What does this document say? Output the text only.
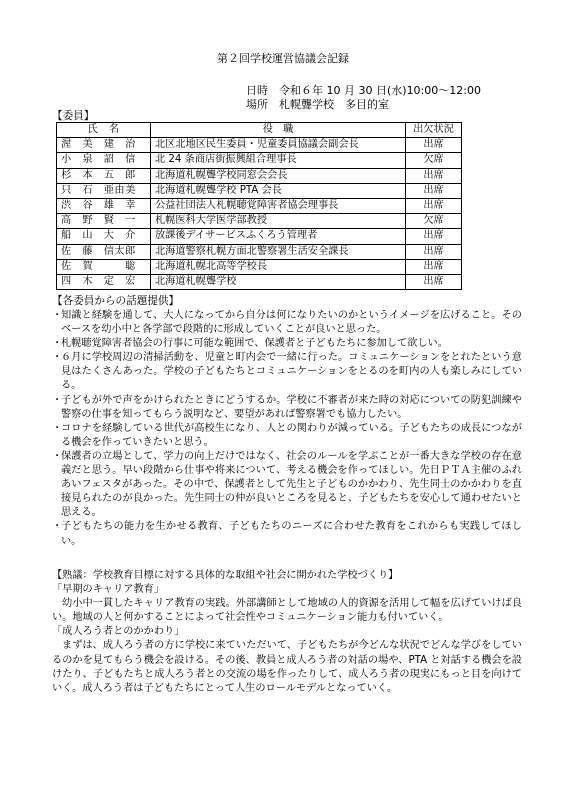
第２回学校運営協議会記録
日時　令和６年 10 月 30 日(水)10:00〜12:00
場所　札幌聾学校　多目的室
【委員】
氏　名	役　職	出欠状況
渥　美　建　治	北区北地区民生委員・児童委員協議会副会長	出席
小　泉　詔　信	北 24 条商店街振興組合理事長	欠席
杉　本　五　郎	北海道札幌聾学校同窓会会長	出席
只　石　亜由美	北海道札幌聾学校 PTA 会長	出席
渋　谷　雄　幸	公益社団法人札幌聴覚障害者協会理事長	出席
高　野　賢　一	札幌医科大学医学部教授	欠席
船　山　大　介	放課後デイサービスふくろう管理者	出席
佐　藤　信太郎	北海道警察札幌方面北警察署生活安全課長	出席
佐　賀　　　聡	北海道札幌北高等学校長	出席
四　木　定　宏	北海道札幌聾学校	出席
【各委員からの話題提供】
・
知識と経験を通して、大人になってから自分は何になりたいのかというイメージを広げること。そのベースを幼小中と各学部で段階的に形成していくことが良いと思った。
・
札幌聴覚障害者協会の行事に可能な範囲で、保護者と子どもたちに参加して欲しい。
・
６月に学校周辺の清掃活動を、児童と町内会で一緒に行った。コミュニケーションをとれたという意見はたくさんあった。学校の子どもたちとコミュニケーションをとるのを町内の人も楽しみにしている。
・
子どもが外で声をかけられたときにどうするか。学校に不審者が来た時の対応についての防犯訓練や警察の仕事を知ってもらう説明など、要望があれば警察署でも協力したい。
・
コロナを経験している世代が高校生になり、人との関わりが減っている。子どもたちの成長につながる機会を作っていきたいと思う。
・
保護者の立場として、学力の向上だけではなく、社会のルールを学ぶことが一番大きな学校の存在意義だと思う。早い段階から仕事や将来について、考える機会を作ってほしい。先日ＰＴＡ主催のふれあいフェスタがあった。その中で、保護者として先生と子どものかかわり、先生同士のかかわりを直接見られたのが良かった。先生同士の仲が良いところを見ると、子どもたちを安心して通わせたいと思える。
・
子どもたちの能力を生かせる教育、子どもたちのニーズに合わせた教育をこれからも実践してほしい。
【熟議：学校教育目標に対する具体的な取組や社会に開かれた学校づくり】
「早期のキャリア教育」
幼小中一貫したキャリア教育の実践。外部講師として地域の人的資源を活用して幅を広げていけば良い。地域の人と何かすることによって社会性やコミュニケーション能力も付いていく。
「成人ろう者とのかかわり」
まずは、成人ろう者の方に学校に来ていただいて、子どもたちが今どんな状況でどんな学びをしているのかを見てもらう機会を設ける。その後、教員と成人ろう者の対話の場や、PTA と対話する機会を設けたり、子どもたちと成人ろう者との交流の場を作ったりして、成人ろう者の現実にもっと目を向けていく。成人ろう者は子どもたちにとって人生のロールモデルとなっていく。
